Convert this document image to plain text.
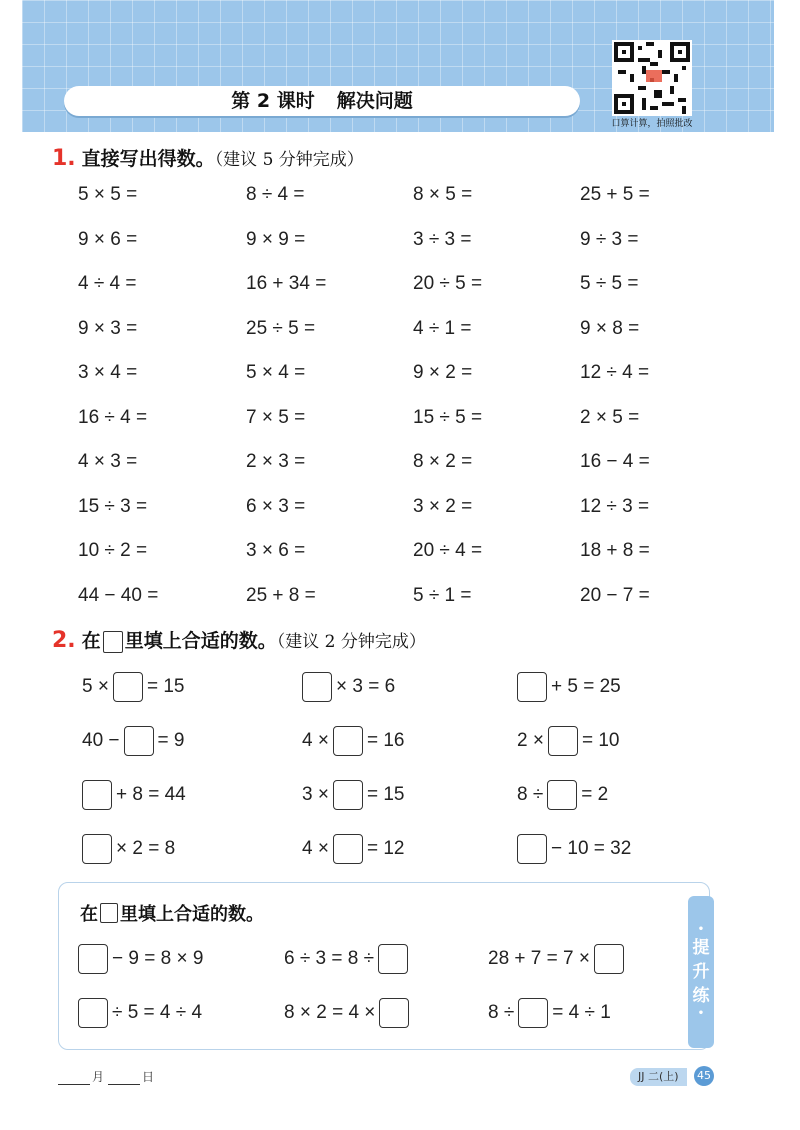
第 2 课时 解决问题
口算计算，拍照批改
1. 直接写出得数。（建议 5 分钟完成）
5 × 5 =	8 ÷ 4 =	8 × 5 =	25 + 5 =
9 × 6 =	9 × 9 =	3 ÷ 3 =	9 ÷ 3 =
4 ÷ 4 =	16 + 34 =	20 ÷ 5 =	5 ÷ 5 =
9 × 3 =	25 ÷ 5 =	4 ÷ 1 =	9 × 8 =
3 × 4 =	5 × 4 =	9 × 2 =	12 ÷ 4 =
16 ÷ 4 =	7 × 5 =	15 ÷ 5 =	2 × 5 =
4 × 3 =	2 × 3 =	8 × 2 =	16 − 4 =
15 ÷ 3 =	6 × 3 =	3 × 2 =	12 ÷ 3 =
10 ÷ 2 =	3 × 6 =	20 ÷ 4 =	18 + 8 =
44 − 40 =	25 + 8 =	5 ÷ 1 =	20 − 7 =
2. 在 里填上合适的数。（建议 2 分钟完成）
5 × = 15	× 3 = 6	+ 5 = 25
40 − = 9	4 × = 16	2 × = 10
+ 8 = 44	3 × = 15	8 ÷ = 2
× 2 = 8	4 × = 12	− 10 = 32
在 里填上合适的数。
•
提
升
练
•
− 9 = 8 × 9	6 ÷ 3 = 8 ÷	28 + 7 = 7 ×
÷ 5 = 4 ÷ 4	8 × 2 = 4 ×	8 ÷ = 4 ÷ 1
月	日	JJ 二(上)	45
